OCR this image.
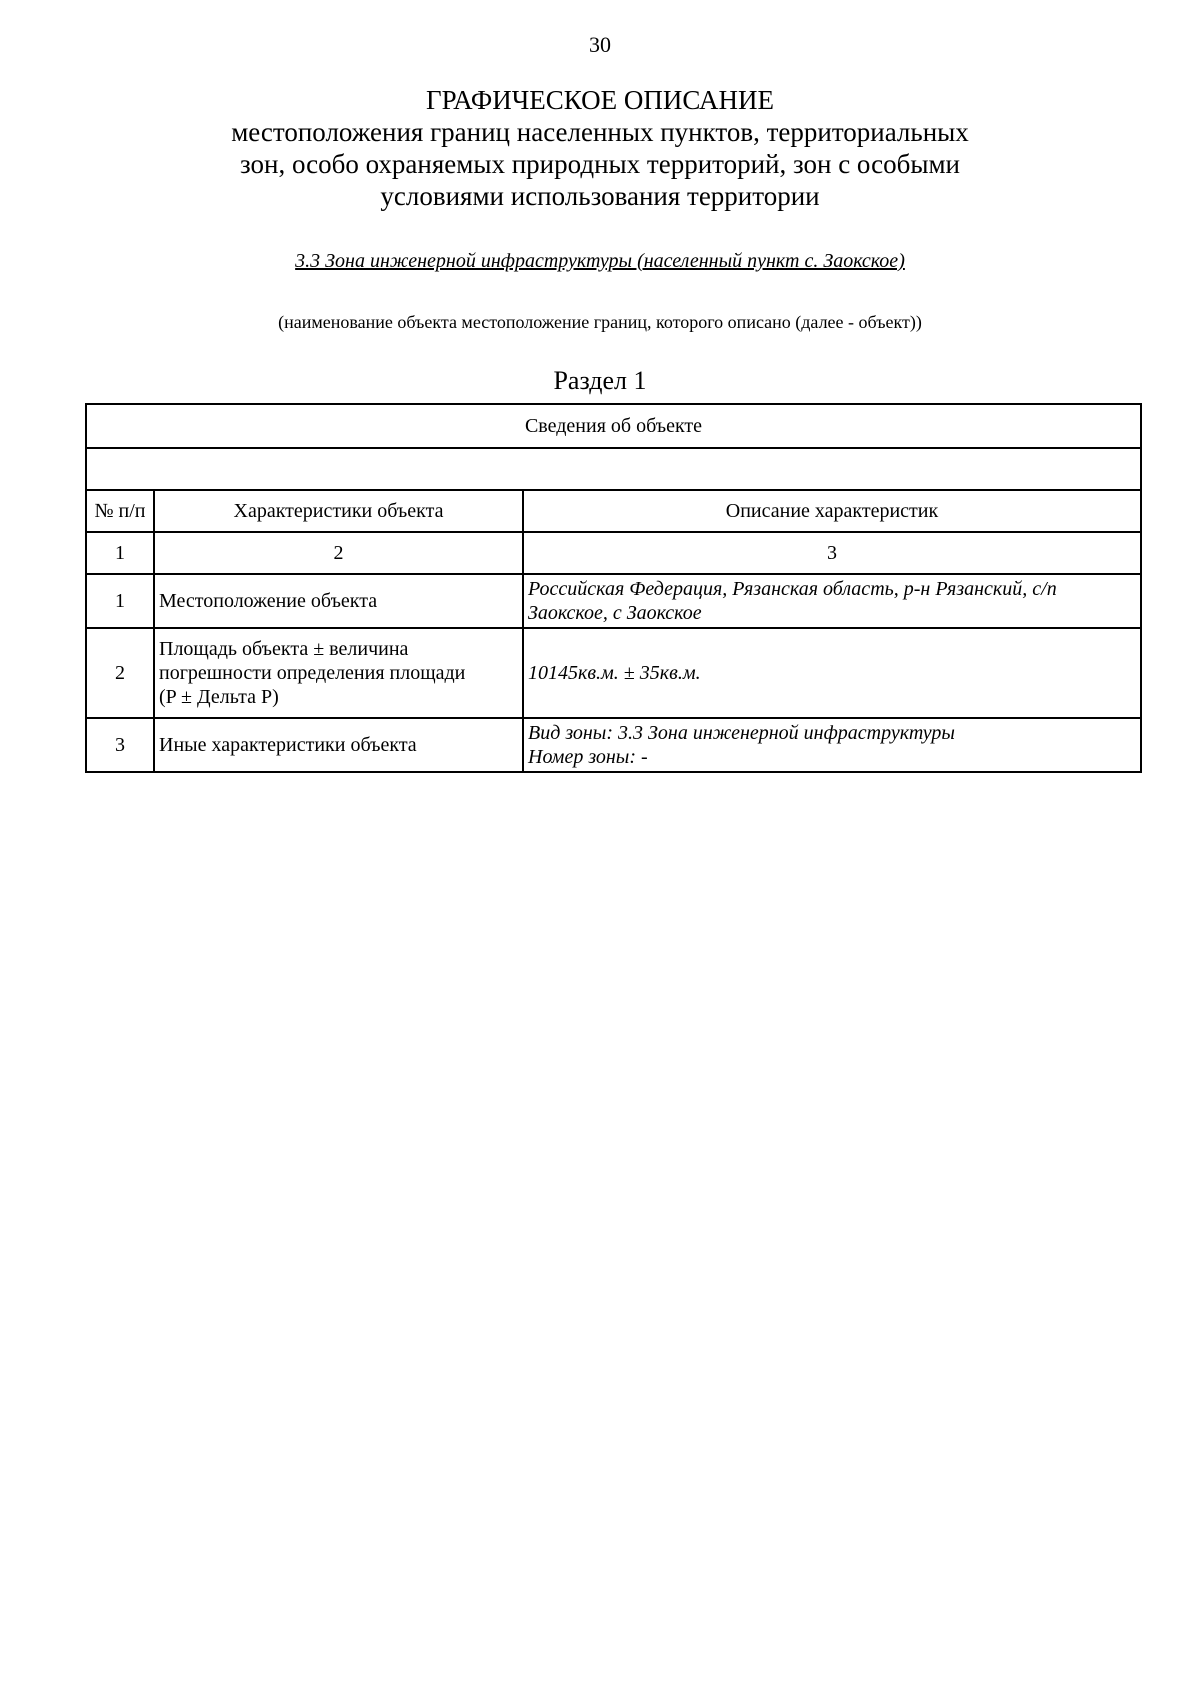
30
ГРАФИЧЕСКОЕ ОПИСАНИЕ
местоположения границ населенных пунктов, территориальных
зон, особо охраняемых природных территорий, зон с особыми
условиями использования территории
3.3 Зона инженерной инфраструктуры (населенный пункт с. Заокское)
(наименование объекта местоположение границ, которого описано (далее - объект))
Раздел 1
Сведения об объекте		

№ п/п	Характеристики объекта	Описание характеристик
1	2	3
1	Местоположение объекта	Российская Федерация, Рязанская область, р-н Рязанский, с/п
Заокское, с Заокское

2	Площадь объекта ± величина
погрешности определения площади
(P ± Дельта P)	10145кв.м. ± 35кв.м.

3	Иные характеристики объекта	Вид зоны: 3.3 Зона инженерной инфраструктуры
Номер зоны: -
